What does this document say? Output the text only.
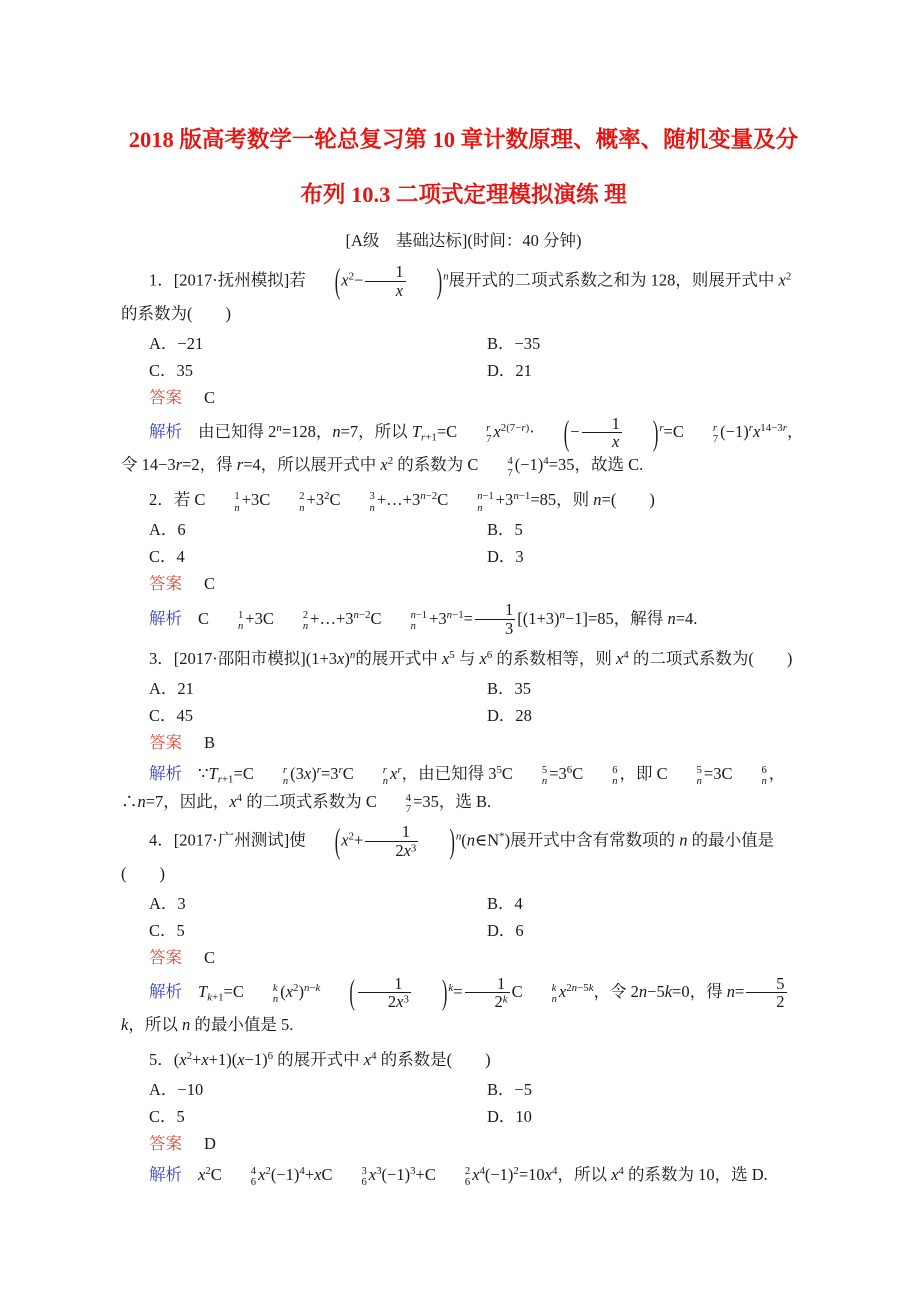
2018 版高考数学一轮总复习第 10 章计数原理、概率、随机变量及分
布列 10.3 二项式定理模拟演练 理

[A级　基础达标](时间：40 分钟)

1．[2017·抚州模拟]若 $(x^2- \frac{1}{x} )^n$展开式的二项式系数之和为 128，则展开式中 $x^2$ 的系数为(　　)

A．−21	B．−35
C．35	D．21

答案 C

解析 由已知得 $2^n=128$，n=7，所以 $T_{r+1}=C$	r
7 $x^{2(7-r)}\cdot$ (− $\frac{1}{x} )^r=C$	r
7 $(-1)^rx^{14-3r}$，令 14−3r=2，得 r=4，所以展开式中 $x^2$ 的系数为 C	4
7 $(-1)^4=35$，故选 C.

2．若 C	1
n +3C	2
$n +3^2C$	3
$n +\dots+3^{n-2}C$	n−1
$n +3^{n-1}=85$，则 n=(　　)

A．6	B．5
C．4	D．3

答案 C

解析 C	1
n +3C	2
$n +\dots+3^{n-2}C$	n−1
$n +3^{n-1}= \frac{1}{3} [(1+3)^n-1]=85$，解得 n=4.

3．[2017·邵阳市模拟]$(1+3x)^n$的展开式中 $x^5$ 与 $x^6$ 的系数相等，则 $x^4$ 的二项式系数为(　　)

A．21	B．35
C．45	D．28

答案 B

解析 $\because T_{r+1}=C$	r
n $(3x)^r=3^rC$	r
n $x^r$，由已知得 $3^5C$	5
$n =3^6C$	6
n ，即 C	5
n =3C	6
n ，∴n=7，因此，$x^4$ 的二项式系数为 C	4
7 =35，选 B.

4．[2017·广州测试]使 ($x^2+ \frac{1}{2x^3}$ )$^n(n\in N^*)$展开式中含有常数项的 n 的最小值是(　　)

A．3	B．4
C．5	D．6

答案 C

解析 $T_{k+1}=C$	k
n $(x^2)^{n-k}$ ( $\frac{1}{2x^3} )^k= \frac{1}{2^k}$ C	k
n $x^{2n-5k}$，令 2n−5k=0，得 $n= \frac{5}{2}$
k，所以 n 的最小值是 5.

5．$(x^2+x+1)(x-1)^6$ 的展开式中 $x^4$ 的系数是(　　)

A．−10	B．−5
C．5	D．10

答案 D

解析 $x^2C$	4
6 $x^2(-1)^4+xC$	3
6 $x^3(-1)^3+C$	2
6 $x^4(-1)^2=10x^4$，所以 $x^4$ 的系数为 10，选 D.
